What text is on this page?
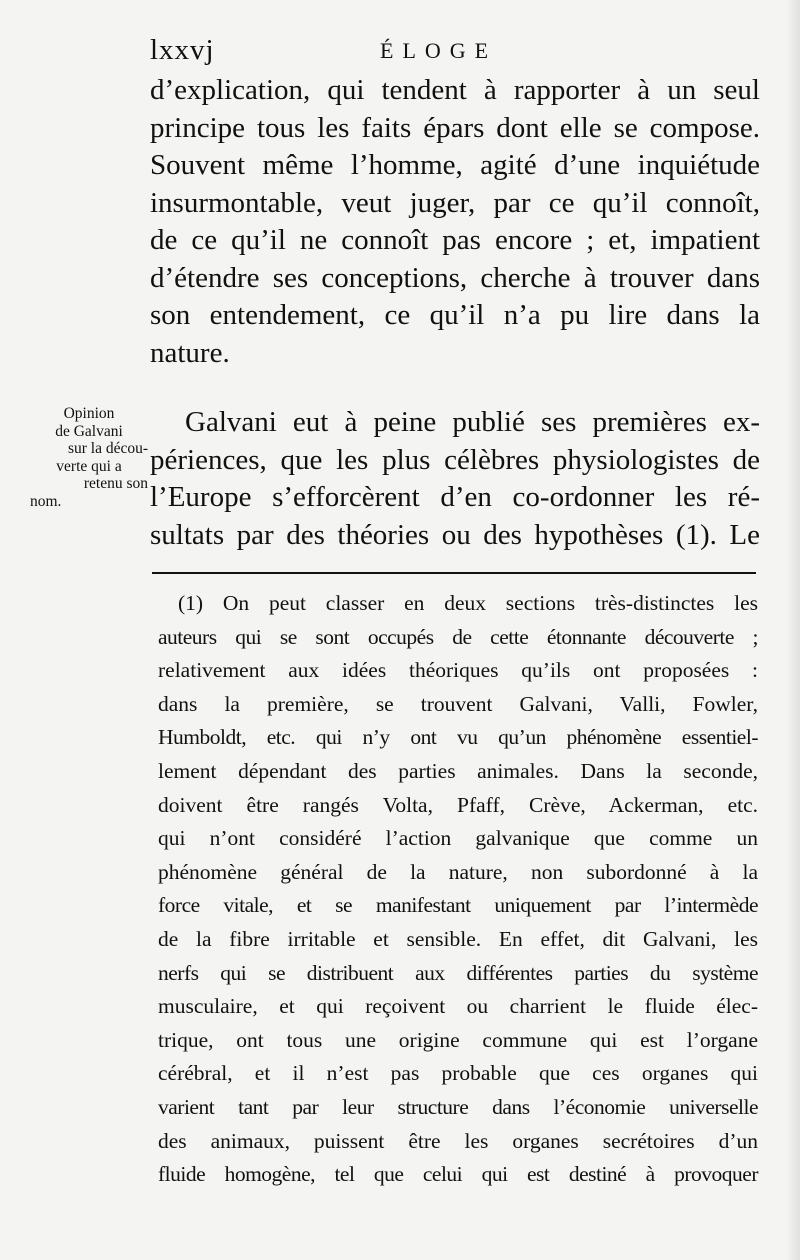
lxxvj	ÉLOGE
d’explication, qui tendent à rapporter à un seul
principe tous les faits épars dont elle se compose.
Souvent même l’homme, agité d’une inquiétude
insurmontable, veut juger, par ce qu’il connoît,
de ce qu’il ne connoît pas encore ; et, impatient
d’étendre ses conceptions, cherche à trouver dans
son entendement, ce qu’il n’a pu lire dans la
nature.
Opinion
de Galvani
sur la décou-
verte qui a
retenu son
nom.
Galvani eut à peine publié ses premières ex-
périences, que les plus célèbres physiologistes de
l’Europe s’efforcèrent d’en co-ordonner les ré-
sultats par des théories ou des hypothèses (1). Le
(1) On peut classer en deux sections très-distinctes les
auteurs qui se sont occupés de cette étonnante découverte ;
relativement aux idées théoriques qu’ils ont proposées :
dans la première, se trouvent Galvani, Valli, Fowler,
Humboldt, etc. qui n’y ont vu qu’un phénomène essentiel-
lement dépendant des parties animales. Dans la seconde,
doivent être rangés Volta, Pfaff, Crève, Ackerman, etc.
qui n’ont considéré l’action galvanique que comme un
phénomène général de la nature, non subordonné à la
force vitale, et se manifestant uniquement par l’intermède
de la fibre irritable et sensible. En effet, dit Galvani, les
nerfs qui se distribuent aux différentes parties du système
musculaire, et qui reçoivent ou charrient le fluide élec-
trique, ont tous une origine commune qui est l’organe
cérébral, et il n’est pas probable que ces organes qui
varient tant par leur structure dans l’économie universelle
des animaux, puissent être les organes secrétoires d’un
fluide homogène, tel que celui qui est destiné à provoquer
